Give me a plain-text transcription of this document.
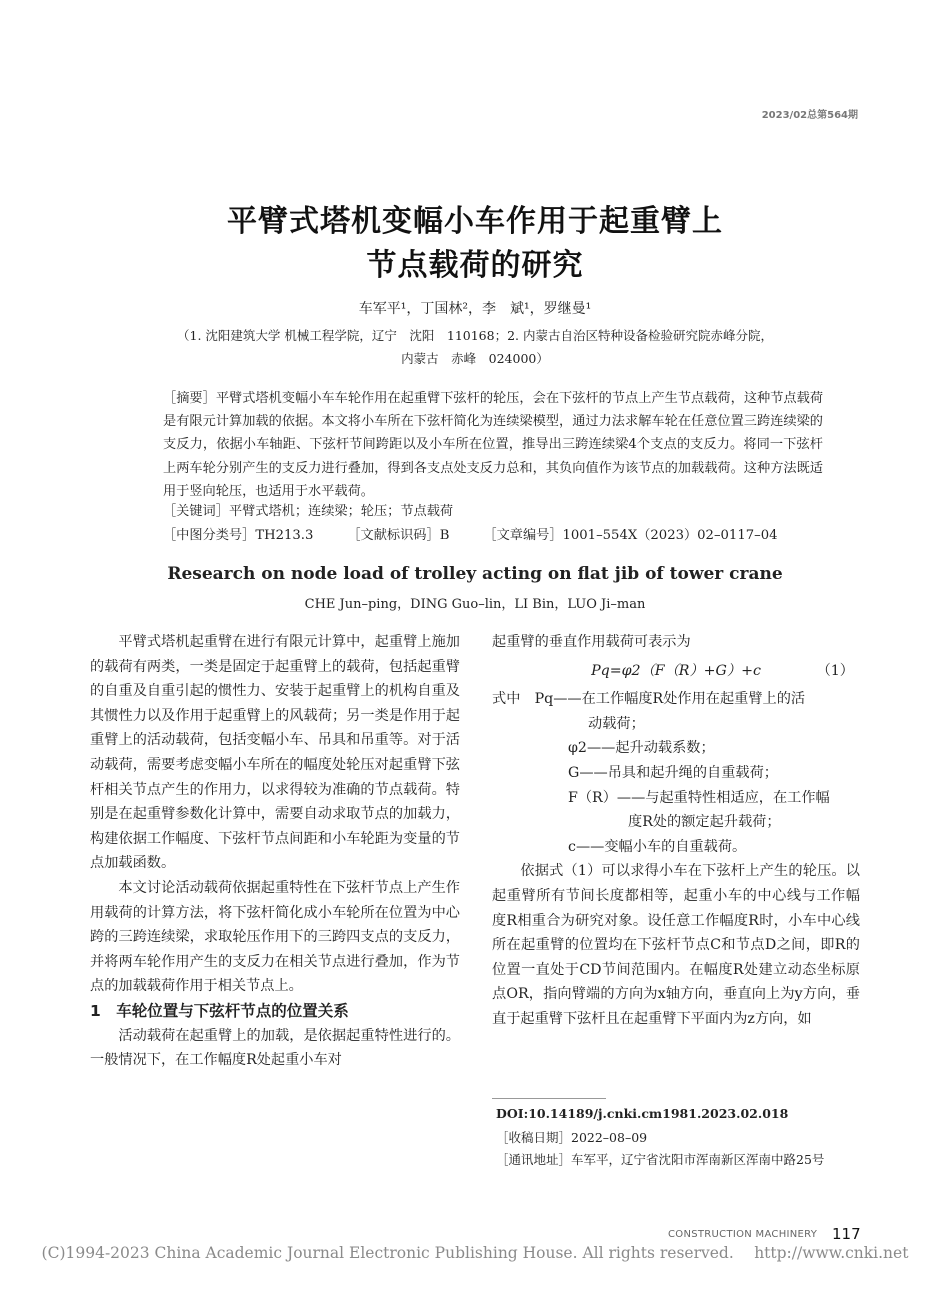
2023/02总第564期
平臂式塔机变幅小车作用于起重臂上
节点载荷的研究
车军平¹，丁国林²，李　斌¹，罗继曼¹
（1. 沈阳建筑大学 机械工程学院，辽宁　沈阳　110168；2. 内蒙古自治区特种设备检验研究院赤峰分院，
内蒙古　赤峰　024000）

［摘要］平臂式塔机变幅小车车轮作用在起重臂下弦杆的轮压，会在下弦杆的节点上产生节点载荷，这种节点载荷是有限元计算加载的依据。本文将小车所在下弦杆简化为连续梁模型，通过力法求解车轮在任意位置三跨连续梁的支反力，依据小车轴距、下弦杆节间跨距以及小车所在位置，推导出三跨连续梁4个支点的支反力。将同一下弦杆上两车轮分别产生的支反力进行叠加，得到各支点处支反力总和，其负向值作为该节点的加载载荷。这种方法既适用于竖向轮压，也适用于水平载荷。

［关键词］平臂式塔机；连续梁；轮压；节点载荷
［中图分类号］TH213.3	［文献标识码］B	［文章编号］1001–554X（2023）02–0117–04
Research on node load of trolley acting on flat jib of tower crane
CHE Jun–ping，DING Guo–lin，LI Bin，LUO Ji–man

平臂式塔机起重臂在进行有限元计算中，起重臂上施加的载荷有两类，一类是固定于起重臂上的载荷，包括起重臂的自重及自重引起的惯性力、安装于起重臂上的机构自重及其惯性力以及作用于起重臂上的风载荷；另一类是作用于起重臂上的活动载荷，包括变幅小车、吊具和吊重等。对于活动载荷，需要考虑变幅小车所在的幅度处轮压对起重臂下弦杆相关节点产生的作用力，以求得较为准确的节点载荷。特别是在起重臂参数化计算中，需要自动求取节点的加载力，构建依据工作幅度、下弦杆节点间距和小车轮距为变量的节点加载函数。

本文讨论活动载荷依据起重特性在下弦杆节点上产生作用载荷的计算方法，将下弦杆简化成小车轮所在位置为中心跨的三跨连续梁，求取轮压作用下的三跨四支点的支反力，并将两车轮作用产生的支反力在相关节点进行叠加，作为节点的加载载荷作用于相关节点上。

1　车轮位置与下弦杆节点的位置关系

活动载荷在起重臂上的加载，是依据起重特性进行的。一般情况下，在工作幅度R处起重小车对

起重臂的垂直作用载荷可表示为

Pq=φ2（F（R）+G）+c	（1）

式中　 Pq——在工作幅度R处作用在起重臂上的活

动载荷；

φ2——起升动载系数；

G——吊具和起升绳的自重载荷；

F（R）——与起重特性相适应，在工作幅

度R处的额定起升载荷；

c——变幅小车的自重载荷。

依据式（1）可以求得小车在下弦杆上产生的轮压。以起重臂所有节间长度都相等，起重小车的中心线与工作幅度R相重合为研究对象。设任意工作幅度R时，小车中心线所在起重臂的位置均在下弦杆节点C和节点D之间，即R的位置一直处于CD节间范围内。在幅度R处建立动态坐标原点OR，指向臂端的方向为x轴方向，垂直向上为y方向，垂直于起重臂下弦杆且在起重臂下平面内为z方向，如

DOI:10.14189/j.cnki.cm1981.2023.02.018
［收稿日期］2022–08–09
［通讯地址］车军平，辽宁省沈阳市浑南新区浑南中路25号
CONSTRUCTION MACHINERY 117
(C)1994-2023 China Academic Journal Electronic Publishing House. All rights reserved.　 http://www.cnki.net
